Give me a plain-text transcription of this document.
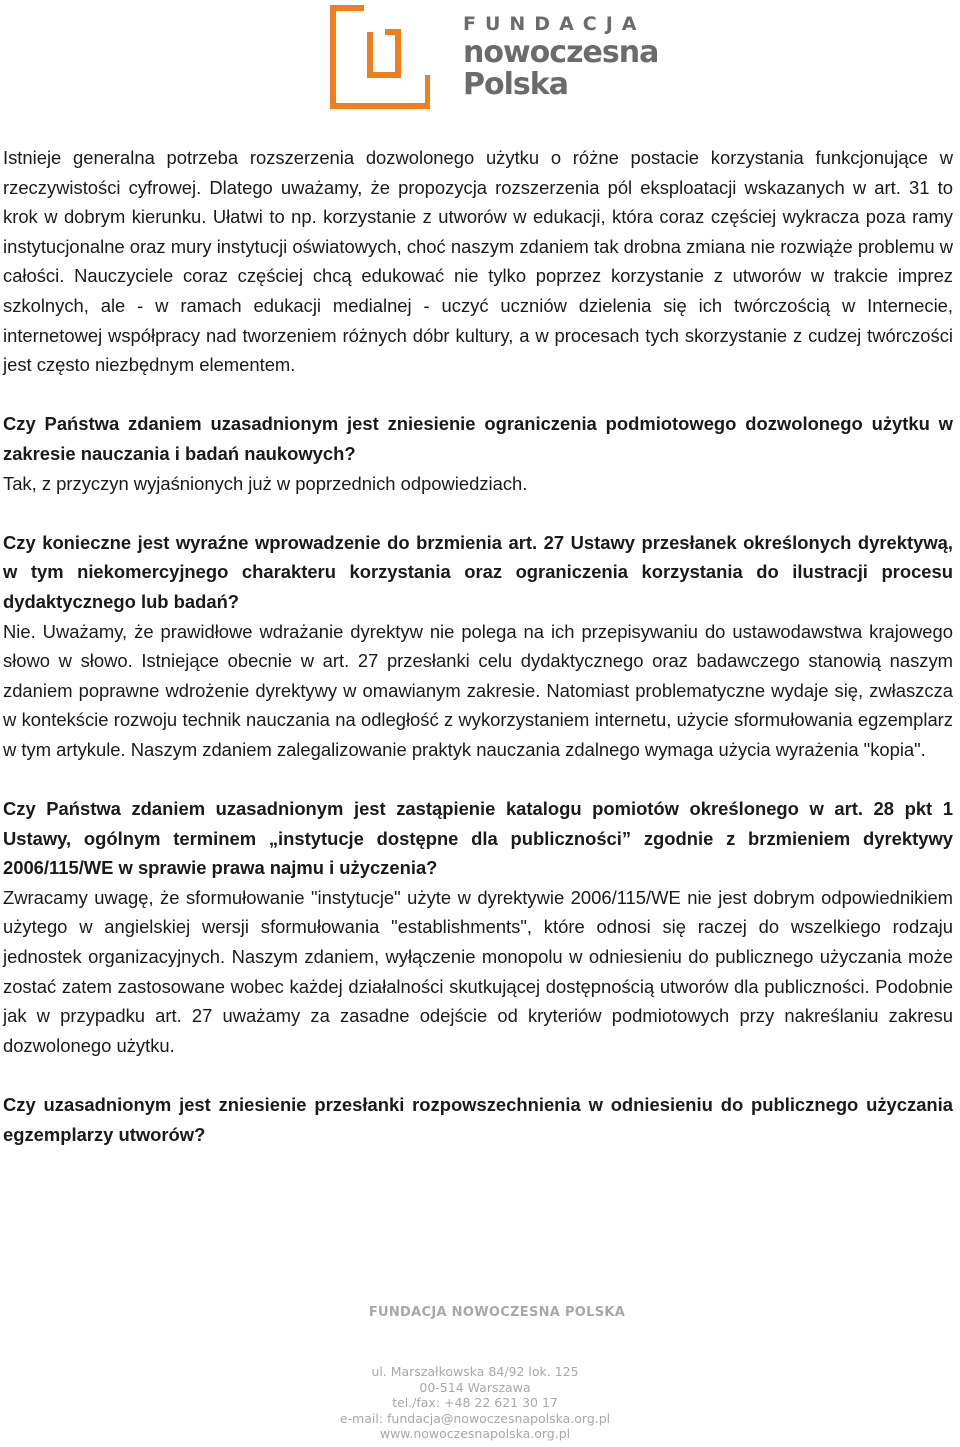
FUNDACJA
nowoczesna
Polska

Istnieje generalna potrzeba rozszerzenia dozwolonego użytku o różne postacie korzystania funkcjonujące w rzeczywistości cyfrowej. Dlatego uważamy, że propozycja rozszerzenia pól eksploatacji wskazanych w art. 31 to krok w dobrym kierunku. Ułatwi to np. korzystanie z utworów w edukacji, która coraz częściej wykracza poza ramy instytucjonalne oraz mury instytucji oświatowych, choć naszym zdaniem tak drobna zmiana nie rozwiąże problemu w całości. Nauczyciele coraz częściej chcą edukować nie tylko poprzez korzystanie z utworów w trakcie imprez szkolnych, ale - w ramach edukacji medialnej - uczyć uczniów dzielenia się ich twórczością w Internecie, internetowej współpracy nad tworzeniem różnych dóbr kultury, a w procesach tych skorzystanie z cudzej twórczości jest często niezbędnym elementem.

Czy Państwa zdaniem uzasadnionym jest zniesienie ograniczenia podmiotowego dozwolonego użytku w zakresie nauczania i badań naukowych?

Tak, z przyczyn wyjaśnionych już w poprzednich odpowiedziach.

Czy konieczne jest wyraźne wprowadzenie do brzmienia art. 27 Ustawy przesłanek określonych dyrektywą, w tym niekomercyjnego charakteru korzystania oraz ograniczenia korzystania do ilustracji procesu dydaktycznego lub badań?

Nie. Uważamy, że prawidłowe wdrażanie dyrektyw nie polega na ich przepisywaniu do ustawodawstwa krajowego słowo w słowo. Istniejące obecnie w art. 27 przesłanki celu dydaktycznego oraz badawczego stanowią naszym zdaniem poprawne wdrożenie dyrektywy w omawianym zakresie. Natomiast problematyczne wydaje się, zwłaszcza w kontekście rozwoju technik nauczania na odległość z wykorzystaniem internetu, użycie sformułowania egzemplarz w tym artykule. Naszym zdaniem zalegalizowanie praktyk nauczania zdalnego wymaga użycia wyrażenia "kopia".

Czy Państwa zdaniem uzasadnionym jest zastąpienie katalogu pomiotów określonego w art. 28 pkt 1 Ustawy, ogólnym terminem „instytucje dostępne dla publiczności” zgodnie z brzmieniem dyrektywy 2006/115/WE w sprawie prawa najmu i użyczenia?

Zwracamy uwagę, że sformułowanie "instytucje" użyte w dyrektywie 2006/115/WE nie jest dobrym odpowiednikiem użytego w angielskiej wersji sformułowania "establishments", które odnosi się raczej do wszelkiego rodzaju jednostek organizacyjnych. Naszym zdaniem, wyłączenie monopolu w odniesieniu do publicznego użyczania może zostać zatem zastosowane wobec każdej działalności skutkującej dostępnością utworów dla publiczności. Podobnie jak w przypadku art. 27 uważamy za zasadne odejście od kryteriów podmiotowych przy nakreślaniu zakresu dozwolonego użytku.

Czy uzasadnionym jest zniesienie przesłanki rozpowszechnienia w odniesieniu do publicznego użyczania egzemplarzy utworów?

FUNDACJA NOWOCZESNA POLSKA
ul. Marszałkowska 84/92 lok. 125
00-514 Warszawa
tel./fax: +48 22 621 30 17
e-mail: fundacja@nowoczesnapolska.org.pl
www.nowoczesnapolska.org.pl
